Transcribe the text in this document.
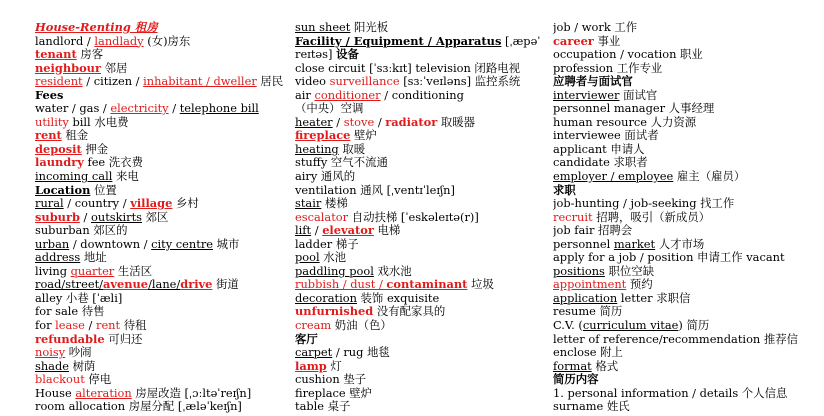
House-Renting 租房
landlord / landlady (女)房东
tenant 房客
neighbour 邻居
resident / citizen / inhabitant / dweller 居民
Fees
water / gas / electricity / telephone bill
utility bill 水电费
rent 租金
deposit 押金
laundry fee 洗衣费
incoming call 来电
Location 位置
rural / country / village 乡村
suburb / outskirts 郊区
suburban 郊区的
urban / downtown / city centre 城市
address 地址
living quarter 生活区
road/street/avenue/lane/drive 街道
alley 小巷 [ˈæli]
for sale 待售
for lease / rent 待租
refundable 可归还
noisy 吵闹
shade 树荫
blackout 停电
House alteration 房屋改造 [ˌɔːltəˈreɪʃn]
room allocation 房屋分配 [ˌæləˈkeɪʃn]
sun sheet 阳光板
Facility / Equipment / Apparatus [ˌæpəˈ
reɪtəs] 设备
close circuit [ˈsɜːkɪt] television 闭路电视
video surveillance [sɜːˈveɪləns] 监控系统
air conditioner / conditioning
（中央）空调
heater / stove / radiator 取暖器
fireplace 壁炉
heating 取暖
stuffy 空气不流通
airy 通风的
ventilation 通风 [ˌventɪˈleɪʃn]
stair 楼梯
escalator 自动扶梯 [ˈeskəleɪtə(r)]
lift / elevator 电梯
ladder 梯子
pool 水池
paddling pool 戏水池
rubbish / dust / contaminant 垃圾
decoration 装饰 exquisite
unfurnished 没有配家具的
cream 奶油（色）
客厅
carpet / rug 地毯
lamp 灯
cushion 垫子
fireplace 壁炉
table 桌子
job / work 工作
career 事业
occupation / vocation 职业
profession 工作专业
应聘者与面试官
interviewer 面试官
personnel manager 人事经理
human resource 人力资源
interviewee 面试者
applicant 申请人
candidate 求职者
employer / employee 雇主（雇员）
求职
job-hunting / job-seeking 找工作
recruit 招聘，吸引（新成员）
job fair 招聘会
personnel market 人才市场
apply for a job / position 申请工作 vacant
positions 职位空缺
appointment 预约
application letter 求职信
resume 简历
C.V. (curriculum vitae) 简历
letter of reference/recommendation 推荐信
enclose 附上
format 格式
简历内容
1. personal information / details 个人信息
surname 姓氏
